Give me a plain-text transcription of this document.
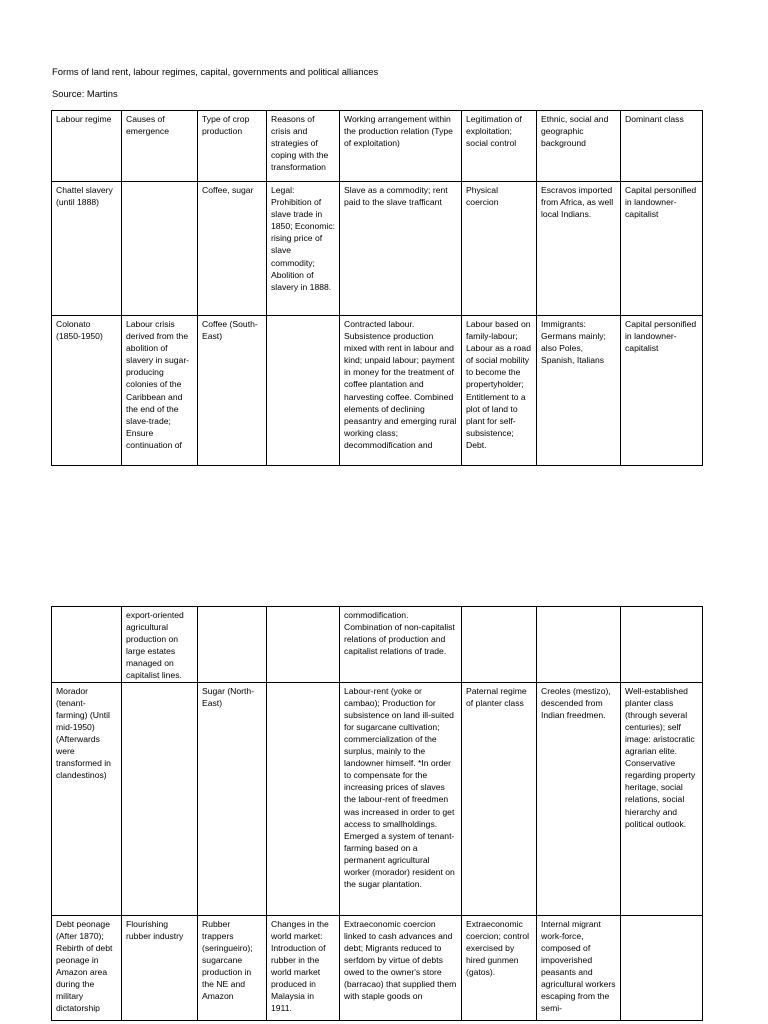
Forms of land rent, labour regimes, capital, governments and political alliances
Source: Martins
Labour regime	Causes of emergence	Type of crop production	Reasons of crisis and strategies of coping with the transformation	Working arrangement within the production relation (Type of exploitation)	Legitimation of exploitation; social control	Ethnic, social and geographic background	Dominant class
Chattel slavery (until 1888)		Coffee, sugar	Legal: Prohibition of slave trade in 1850; Economic: rising price of slave commodity; Abolition of slavery in 1888.	Slave as a commodity; rent paid to the slave trafficant	Physical coercion	Escravos imported from Africa, as well local Indians.	Capital personified in landowner-capitalist
Colonato (1850-1950)	Labour crisis derived from the abolition of slavery in sugar-producing colonies of the Caribbean and the end of the slave-trade; Ensure continuation of	Coffee (South-East)		Contracted labour. Subsistence production mixed with rent in labour and kind; unpaid labour; payment in money for the treatment of coffee plantation and harvesting coffee. Combined elements of declining peasantry and emerging rural working class; decommodification and	Labour based on family-labour; Labour as a road of social mobility to become the propertyholder; Entitlement to a plot of land to plant for self-subsistence; Debt.	Immigrants: Germans mainly; also Poles, Spanish, Italians	Capital personified in landowner-capitalist
	export-oriented agricultural production on large estates managed on capitalist lines.			commodification. Combination of non-capitalist relations of production and capitalist relations of trade.			
Morador (tenant-farming) (Until mid-1950) (Afterwards were transformed in clandestinos)		Sugar (North-East)		Labour-rent (yoke or cambao); Production for subsistence on land ill-suited for sugarcane cultivation; commercialization of the surplus, mainly to the landowner himself. *In order to compensate for the increasing prices of slaves the labour-rent of freedmen was increased in order to get access to smallholdings. Emerged a system of tenant-farming based on a permanent agricultural worker (morador) resident on the sugar plantation.	Paternal regime of planter class	Creoles (mestizo), descended from Indian freedmen.	Well-established planter class (through several centuries); self image: aristocratic agrarian elite. Conservative regarding property heritage, social relations, social hierarchy and political outlook.

Debt peonage (After 1870); Rebirth of debt peonage in Amazon area during the military dictatorship	Flourishing rubber industry	Rubber trappers (seringueiro); sugarcane production in the NE and Amazon	Changes in the world market: Introduction of rubber in the world market produced in Malaysia in 1911.	Extraeconomic coercion linked to cash advances and debt; Migrants reduced to serfdom by virtue of debts owed to the owner's store (barracao) that supplied them with staple goods on	Extraeconomic coercion; control exercised by hired gunmen (gatos).	Internal migrant work-force, composed of impoverished peasants and agricultural workers escaping from the semi-	
